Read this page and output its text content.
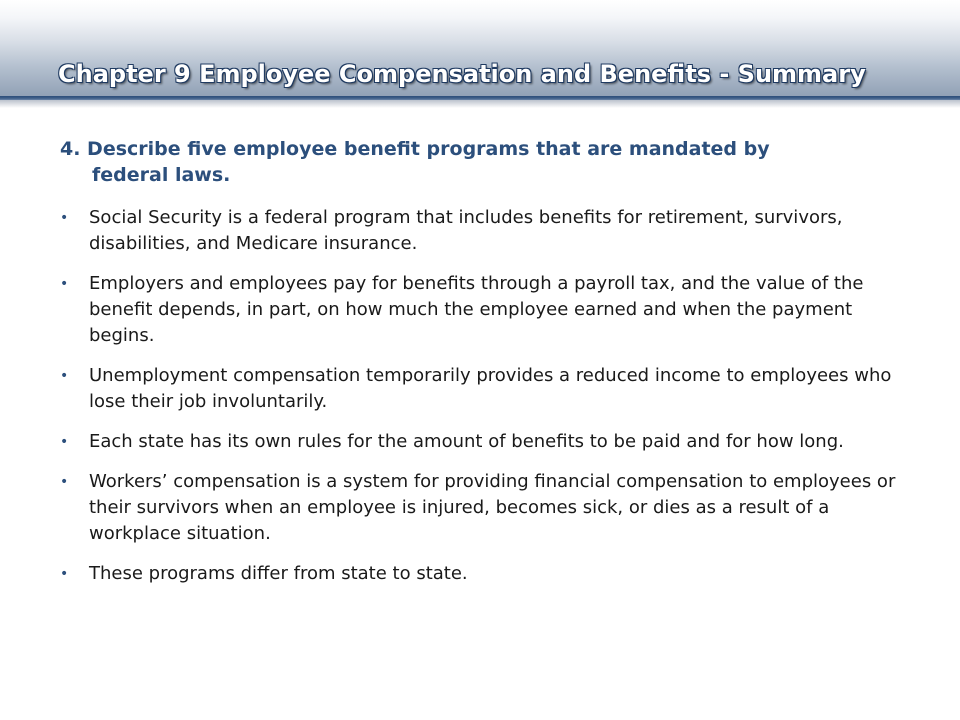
Chapter 9 Employee Compensation and Benefits - Summary
4. Describe five employee benefit programs that are mandated by
federal laws.
• Social Security is a federal program that includes benefits for retirement, survivors, disabilities, and Medicare insurance.
• Employers and employees pay for benefits through a payroll tax, and the value of the benefit depends, in part, on how much the employee earned and when the payment begins.
• Unemployment compensation temporarily provides a reduced income to employees who lose their job involuntarily.
• Each state has its own rules for the amount of benefits to be paid and for how long.
• Workers’ compensation is a system for providing financial compensation to employees or their survivors when an employee is injured, becomes sick, or dies as a result of a workplace situation.
• These programs differ from state to state.
